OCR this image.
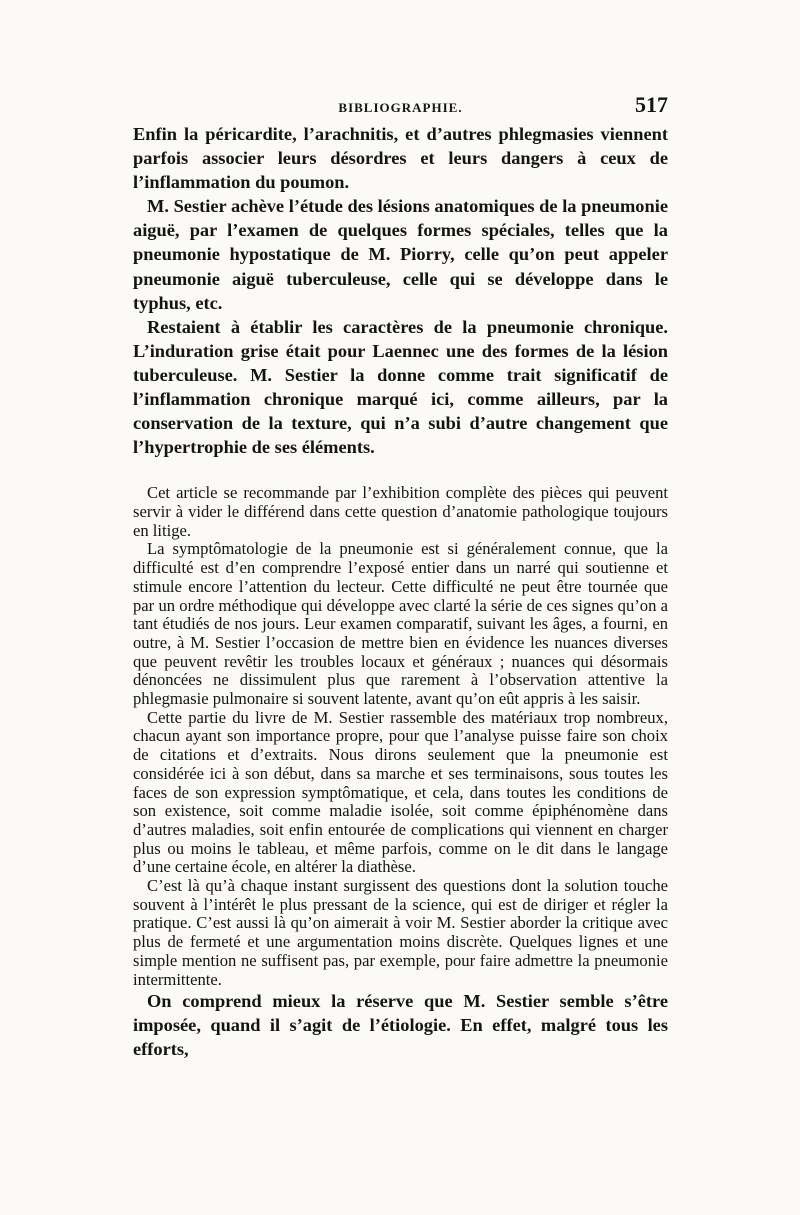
BIBLIOGRAPHIE.	517

Enfin la péricardite, l’arachnitis, et d’autres phlegmasies viennent parfois associer leurs désordres et leurs dangers à ceux de l’inflammation du poumon.

M. Sestier achève l’étude des lésions anatomiques de la pneumonie aiguë, par l’examen de quelques formes spéciales, telles que la pneumonie hypostatique de M. Piorry, celle qu’on peut appeler pneumonie aiguë tuberculeuse, celle qui se développe dans le typhus, etc.

Restaient à établir les caractères de la pneumonie chronique. L’induration grise était pour Laennec une des formes de la lésion tuberculeuse. M. Sestier la donne comme trait significatif de l’inflammation chronique marqué ici, comme ailleurs, par la conservation de la texture, qui n’a subi d’autre changement que l’hypertrophie de ses éléments.

Cet article se recommande par l’exhibition complète des pièces qui peuvent servir à vider le différend dans cette question d’anatomie pathologique toujours en litige.

La symptômatologie de la pneumonie est si généralement connue, que la difficulté est d’en comprendre l’exposé entier dans un narré qui soutienne et stimule encore l’attention du lecteur. Cette difficulté ne peut être tournée que par un ordre méthodique qui développe avec clarté la série de ces signes qu’on a tant étudiés de nos jours. Leur examen comparatif, suivant les âges, a fourni, en outre, à M. Sestier l’occasion de mettre bien en évidence les nuances diverses que peuvent revêtir les troubles locaux et généraux ; nuances qui désormais dénoncées ne dissimulent plus que rarement à l’observation attentive la phlegmasie pulmonaire si souvent latente, avant qu’on eût appris à les saisir.

Cette partie du livre de M. Sestier rassemble des matériaux trop nombreux, chacun ayant son importance propre, pour que l’analyse puisse faire son choix de citations et d’extraits. Nous dirons seulement que la pneumonie est considérée ici à son début, dans sa marche et ses terminaisons, sous toutes les faces de son expression symptômatique, et cela, dans toutes les conditions de son existence, soit comme maladie isolée, soit comme épiphénomène dans d’autres maladies, soit enfin entourée de complications qui viennent en charger plus ou moins le tableau, et même parfois, comme on le dit dans le langage d’une certaine école, en altérer la diathèse.

C’est là qu’à chaque instant surgissent des questions dont la solution touche souvent à l’intérêt le plus pressant de la science, qui est de diriger et régler la pratique. C’est aussi là qu’on aimerait à voir M. Sestier aborder la critique avec plus de fermeté et une argumentation moins discrète. Quelques lignes et une simple mention ne suffisent pas, par exemple, pour faire admettre la pneumonie intermittente.

On comprend mieux la réserve que M. Sestier semble s’être imposée, quand il s’agit de l’étiologie. En effet, malgré tous les efforts,
